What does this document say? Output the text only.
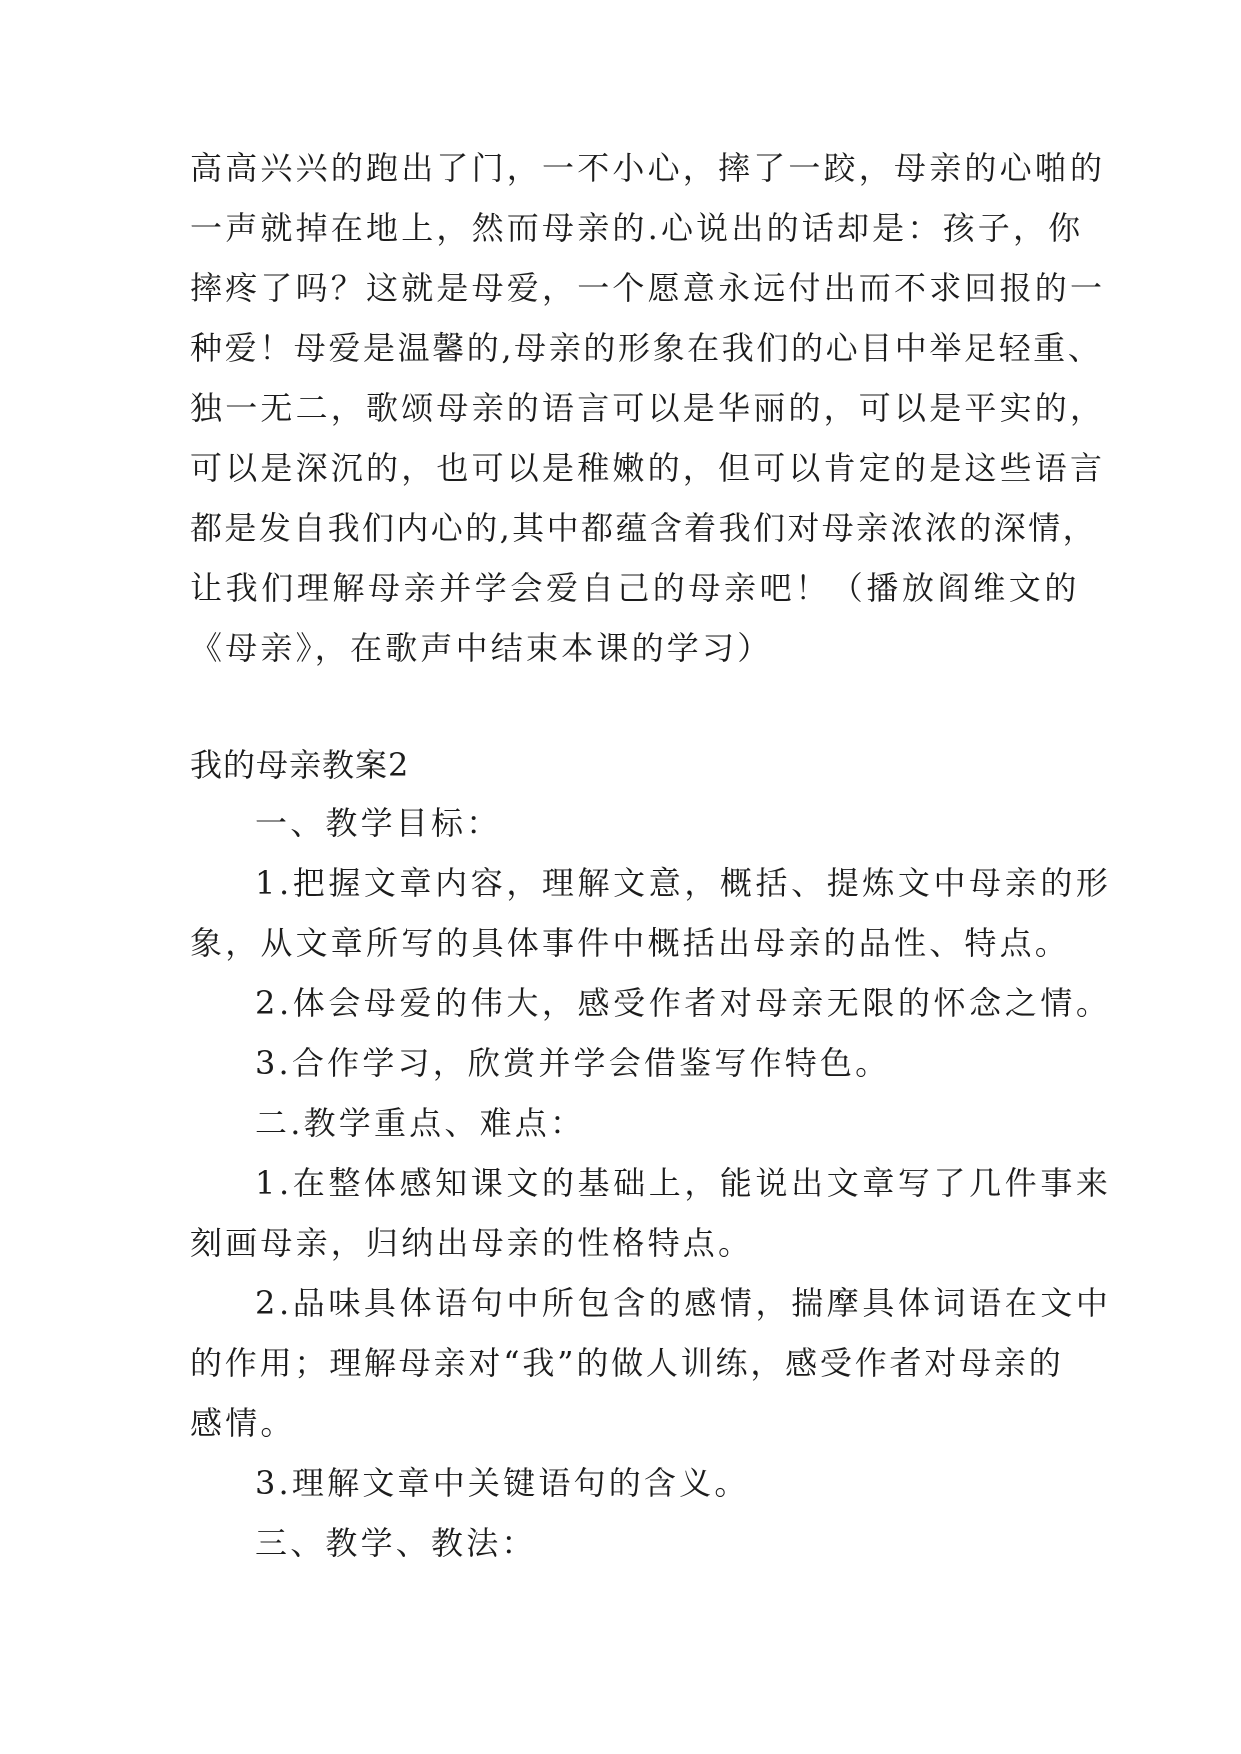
高高兴兴的跑出了门，一不小心，摔了一跤，母亲的心啪的
一声就掉在地上，然而母亲的.心说出的话却是：孩子，你
摔疼了吗？这就是母爱，一个愿意永远付出而不求回报的一
种爱！母爱是温馨的,母亲的形象在我们的心目中举足轻重、
独一无二，歌颂母亲的语言可以是华丽的，可以是平实的，
可以是深沉的，也可以是稚嫩的，但可以肯定的是这些语言
都是发自我们内心的,其中都蕴含着我们对母亲浓浓的深情，
让我们理解母亲并学会爱自己的母亲吧！（播放阎维文的
《母亲》，在歌声中结束本课的学习）
我的母亲教案2
一、教学目标：
1.把握文章内容，理解文意，概括、提炼文中母亲的形
象，从文章所写的具体事件中概括出母亲的品性、特点。
2.体会母爱的伟大，感受作者对母亲无限的怀念之情。
3.合作学习，欣赏并学会借鉴写作特色。
二.教学重点、难点：
1.在整体感知课文的基础上，能说出文章写了几件事来
刻画母亲，归纳出母亲的性格特点。
2.品味具体语句中所包含的感情，揣摩具体词语在文中
的作用；理解母亲对“我”的做人训练，感受作者对母亲的
感情。
3.理解文章中关键语句的含义。
三、教学、教法：
